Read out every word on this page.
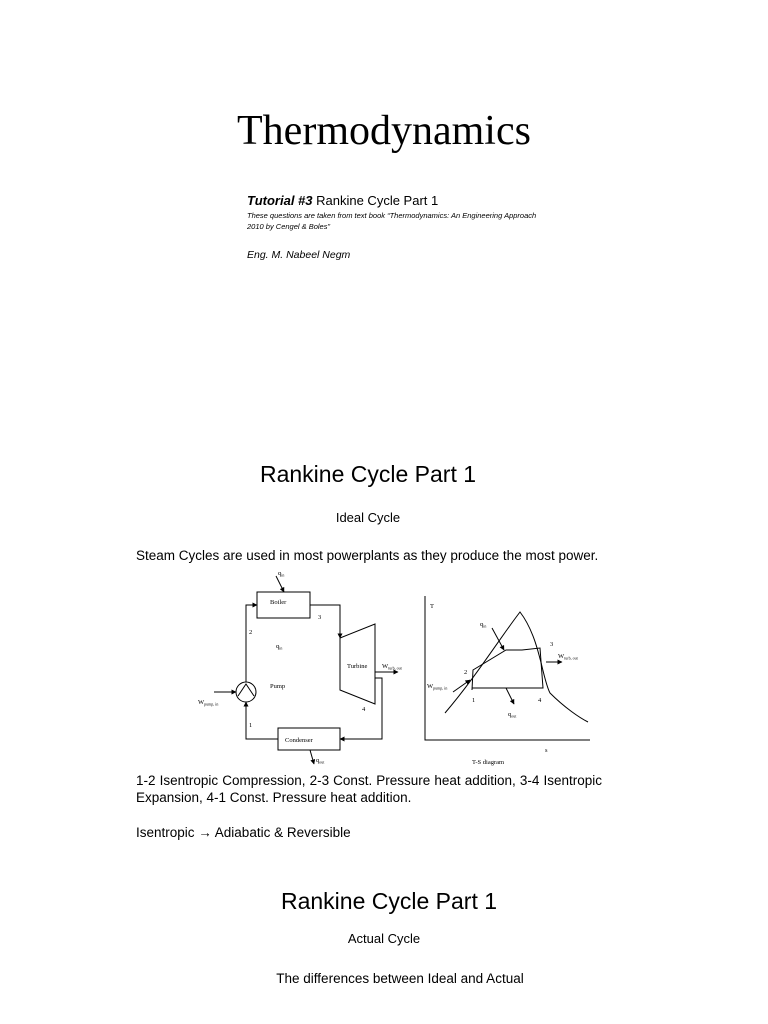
Thermodynamics
Tutorial #3 Rankine Cycle Part 1
These questions are taken from text book “Thermodynamics: An Engineering Approach 2010 by Cengel & Boles”
Eng. M. Nabeel Negm
Rankine Cycle Part 1
Ideal Cycle
Steam Cycles are used in most powerplants as they produce the most power.
Boiler
Turbine
Pump
Condenser
$q_{in}$
$q_{in}$
$W_{turb, out}$
$W_{pump, in}$
$q_{out}$
1
2
3
4
T
s
T-S diagram
$q_{in}$
$W_{turb, out}$
$W_{pump, in}$
$q_{out}$
1
2
3
4
1-2 Isentropic Compression, 2-3 Const. Pressure heat addition, 3-4 Isentropic Expansion, 4-1 Const. Pressure heat addition.
Isentropic → Adiabatic & Reversible
Rankine Cycle Part 1
Actual Cycle
The differences between Ideal and Actual
